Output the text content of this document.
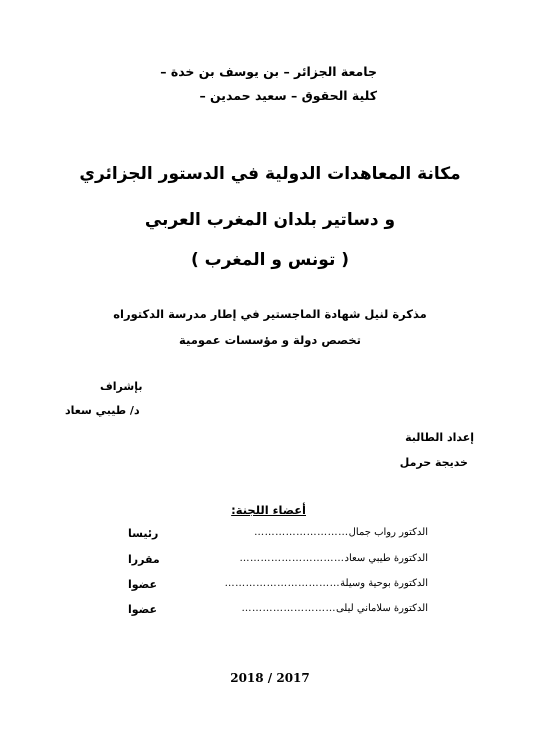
جامعة الجزائر – بن يوسف بن خدة –
كلية الحقوق – سعيد حمدين –
مكانة المعاهدات الدولية في الدستور الجزائري
و دساتير بلدان المغرب العربي
( تونس و المغرب )
مذكرة لنيل شهادة الماجستير في إطار مدرسة الدكتوراه
تخصص دولة و مؤسسات عمومية
بإشراف
د/ طيبي سعاد
إعداد الطالبة
خديجة حرمل
أعضاء اللجنة:
الدكتور رواب جمال
………………………
رئيسا
الدكتورة طيبي سعاد
…………………………
مقررا
الدكتورة بوحية وسيلة
……………………………
عضوا
الدكتورة سلاماني ليلى
………………………
عضوا
2018 / 2017
